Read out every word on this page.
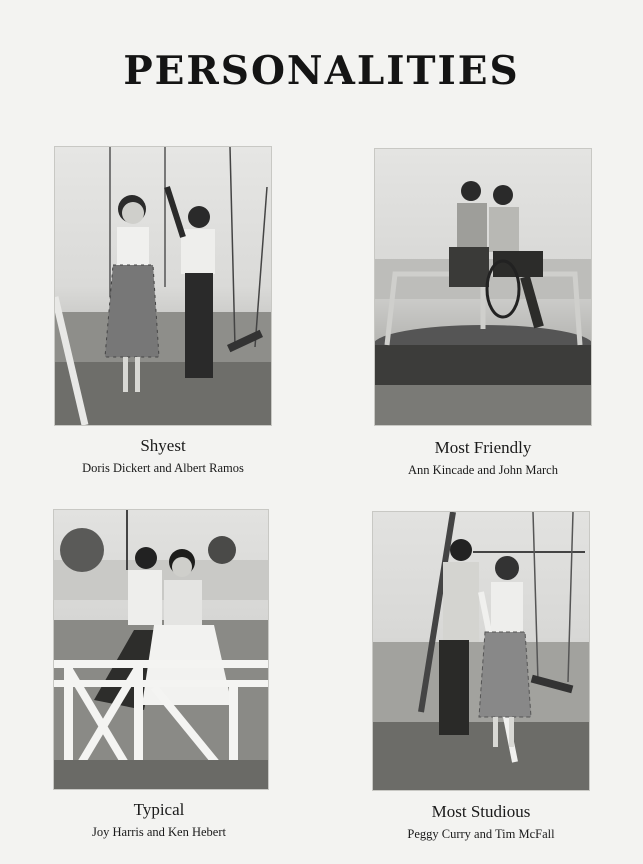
PERSONALITIES
Shyest
Doris Dickert and Albert Ramos
Most Friendly
Ann Kincade and John March
Typical
Joy Harris and Ken Hebert
Most Studious
Peggy Curry and Tim McFall
